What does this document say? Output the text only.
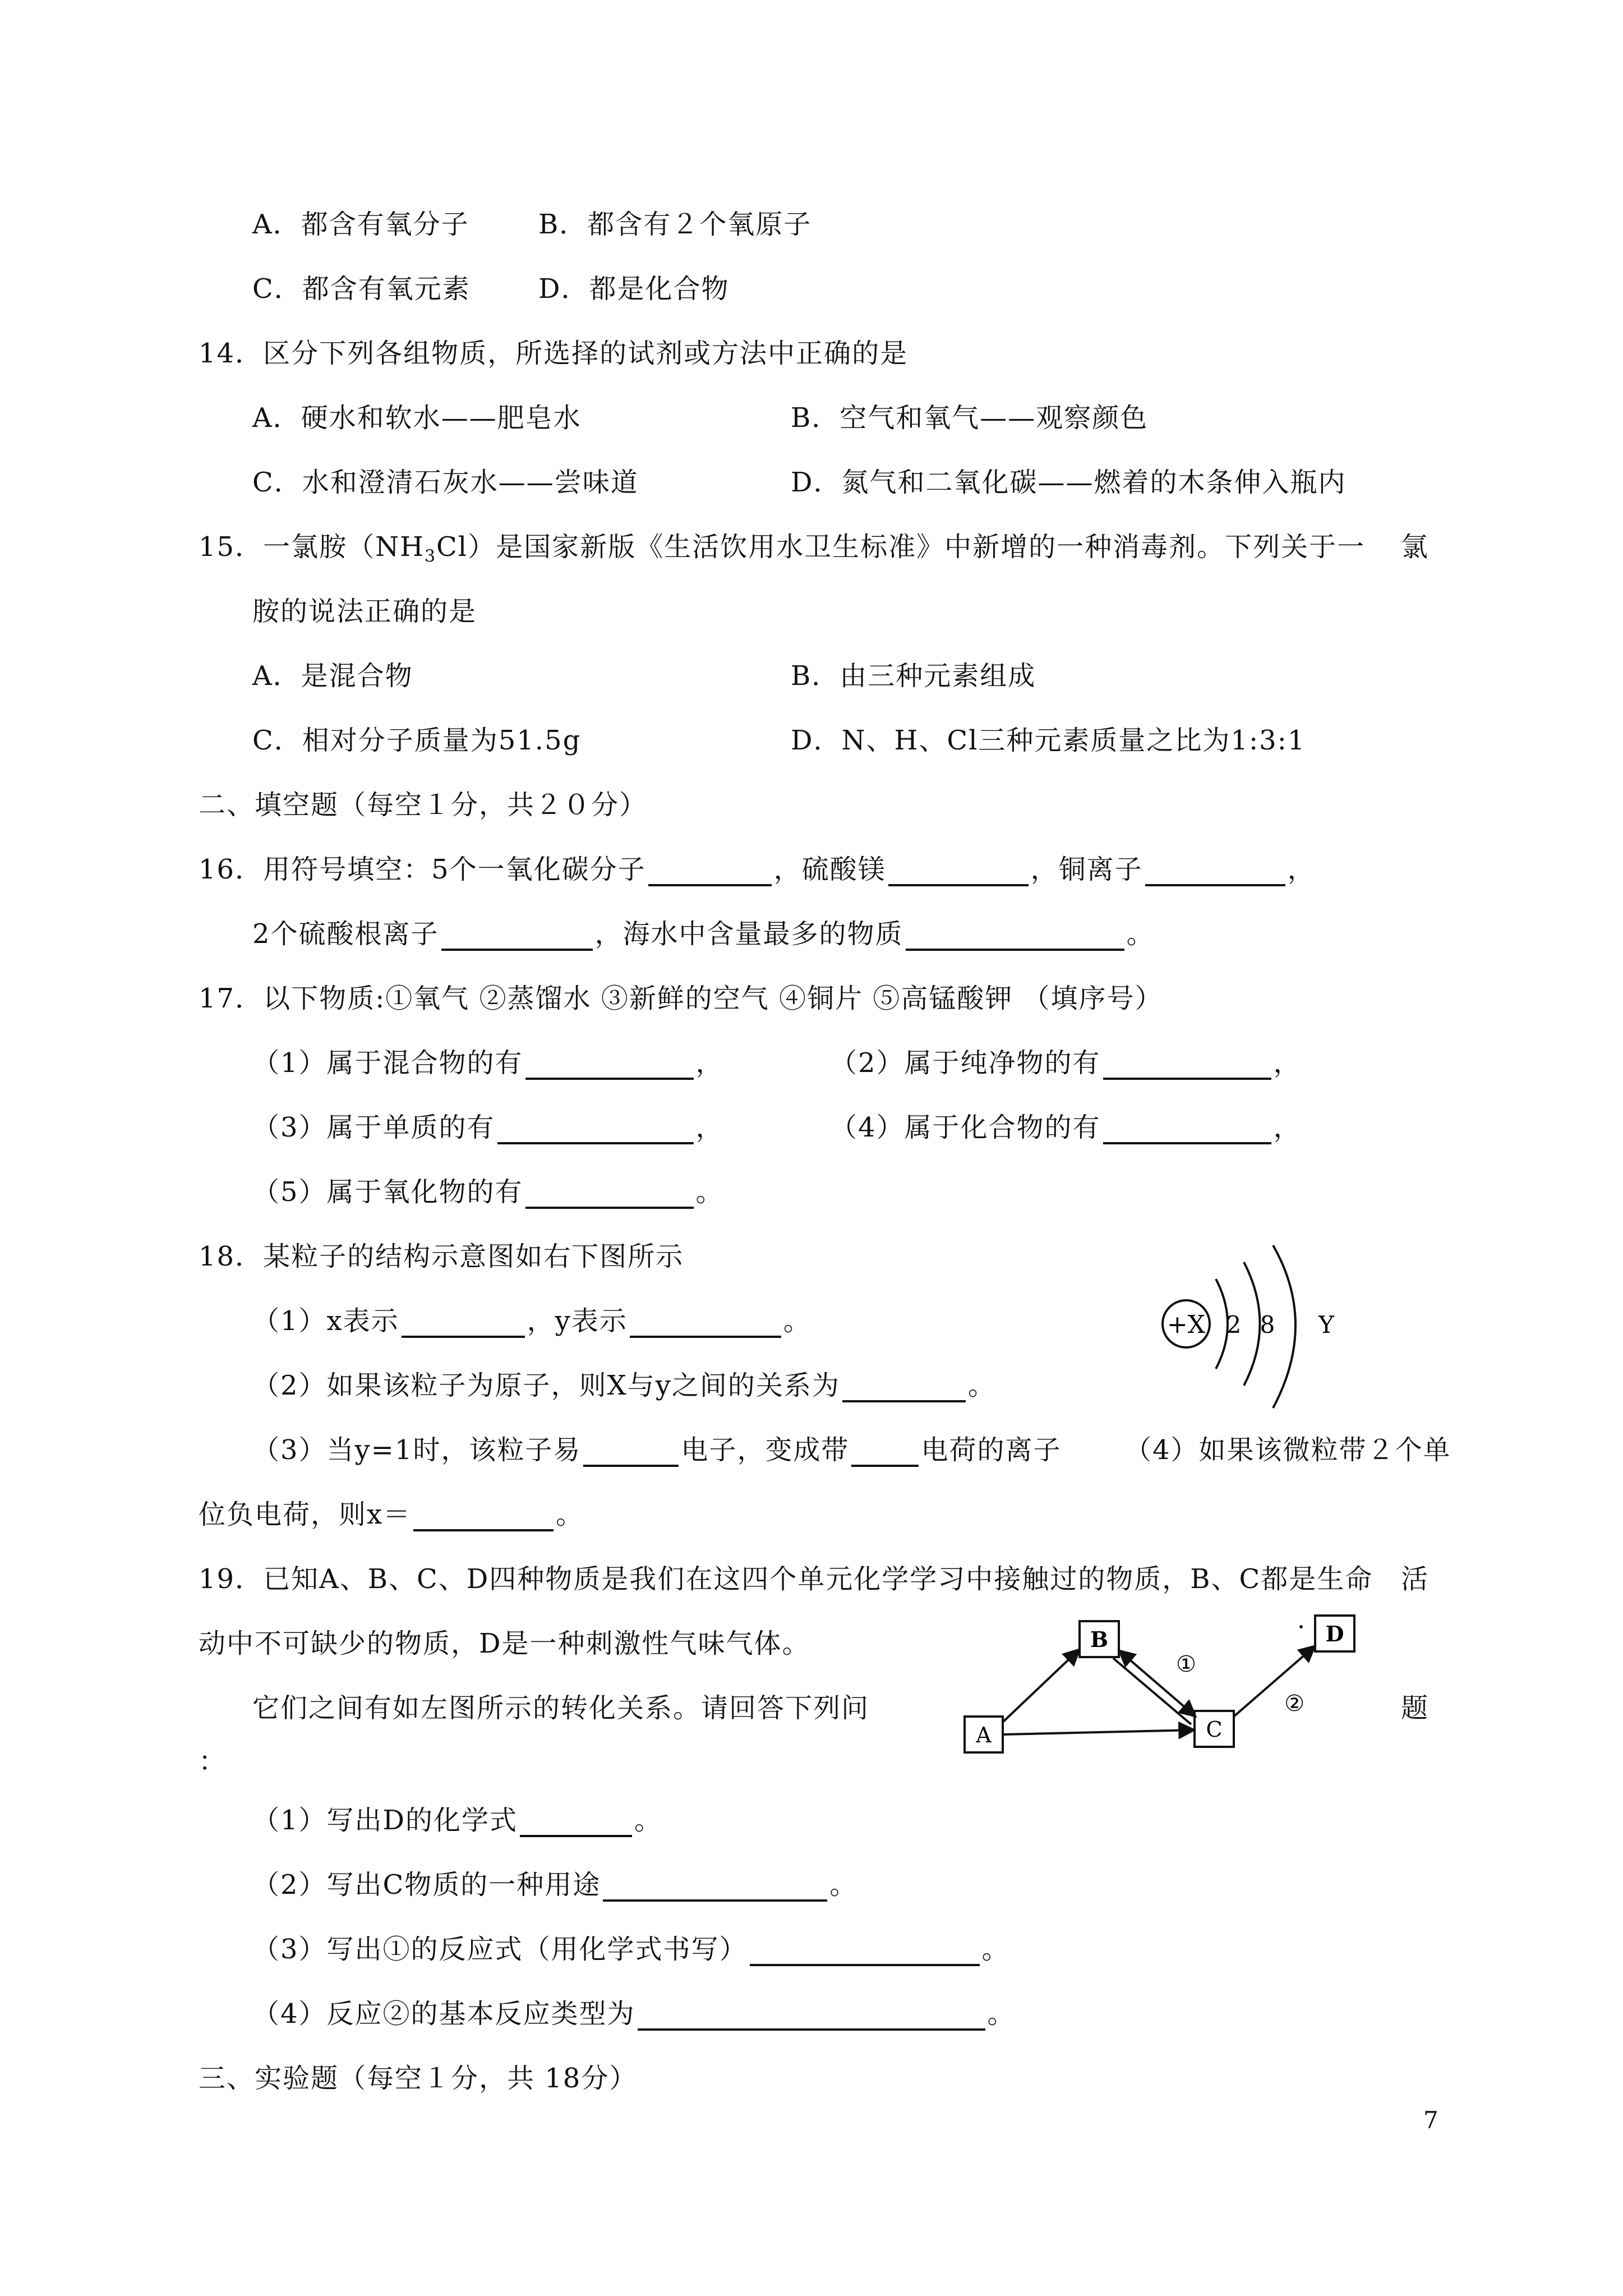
A．都含有氧分子	B．都含有２个氧原子
C．都含有氧元素	D．都是化合物
14．区分下列各组物质，所选择的试剂或方法中正确的是
A．硬水和软水——肥皂水	B．空气和氧气——观察颜色
C．水和澄清石灰水——尝味道	D．氮气和二氧化碳——燃着的木条伸入瓶内
15．一氯胺$(NH_3Cl)$是国家新版《生活饮用水卫生标准》中新增的一种消毒剂。下列关于一 氯
胺的说法正确的是
A．是混合物	B．由三种元素组成
C．相对分子质量为51.5g	D．N、H、Cl三种元素质量之比为1:3:1
二、填空题（每空１分，共２０分）
16．用符号填空：5个一氧化碳分子	，硫酸镁	，铜离子	，
2个硫酸根离子	，海水中含量最多的物质	。
17．以下物质:①氧气 ②蒸馏水 ③新鲜的空气 ④铜片 ⑤高锰酸钾 （填序号）
（1）属于混合物的有	，	（2）属于纯净物的有	，
（3）属于单质的有	，	（4）属于化合物的有	，
（5）属于氧化物的有	。
18．某粒子的结构示意图如右下图所示
（1）x表示	，y表示	。
（2）如果该粒子为原子，则X与y之间的关系为	。
（3）当y=1时，该粒子易	电子，变成带	电荷的离子 （4）如果该微粒带２个单
位负电荷，则x＝	。
+X 2 8 Y
19．已知A、B、C、D四种物质是我们在这四个单元化学学习中接触过的物质，B、C都是生命 活
动中不可缺少的物质，D是一种刺激性气味气体。
它们之间有如左图所示的转化关系。请回答下列问	题
：
A
B
C
D
①
②
（1）写出D的化学式	。
（2）写出C物质的一种用途	。
（3）写出①的反应式（用化学式书写）	。
（4）反应②的基本反应类型为	。
三、实验题（每空１分，共 18分）
7
